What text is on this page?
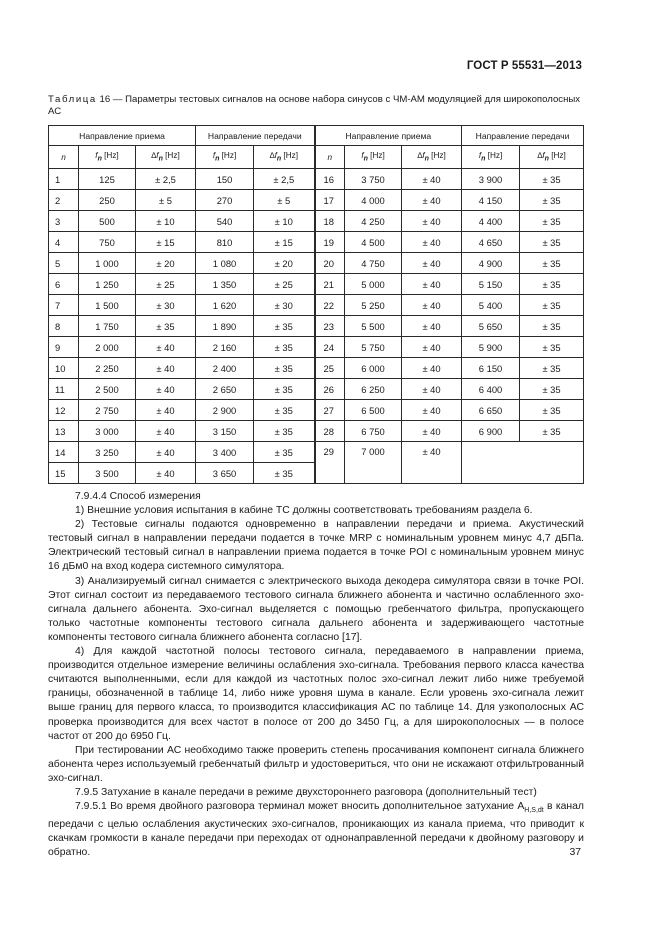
ГОСТ Р 55531—2013
Таблица 16 — Параметры тестовых сигналов на основе набора синусов с ЧМ-АМ модуляцией для широкополосных АС
Направление приема			Направление передачи		Направление приема			Направление передачи	
n	$f_n$ [Hz]	$\Delta f_n$ [Hz]	$f_n$ [Hz]	$\Delta f_n$ [Hz]	n	$f_n$ [Hz]	$\Delta f_n$ [Hz]	$f_n$ [Hz]	$\Delta f_n$ [Hz]
1	125	± 2,5	150	± 2,5	16	3 750	± 40	3 900	± 35
2	250	± 5	270	± 5	17	4 000	± 40	4 150	± 35
3	500	± 10	540	± 10	18	4 250	± 40	4 400	± 35
4	750	± 15	810	± 15	19	4 500	± 40	4 650	± 35
5	1 000	± 20	1 080	± 20	20	4 750	± 40	4 900	± 35
6	1 250	± 25	1 350	± 25	21	5 000	± 40	5 150	± 35
7	1 500	± 30	1 620	± 30	22	5 250	± 40	5 400	± 35
8	1 750	± 35	1 890	± 35	23	5 500	± 40	5 650	± 35
9	2 000	± 40	2 160	± 35	24	5 750	± 40	5 900	± 35
10	2 250	± 40	2 400	± 35	25	6 000	± 40	6 150	± 35
11	2 500	± 40	2 650	± 35	26	6 250	± 40	6 400	± 35
12	2 750	± 40	2 900	± 35	27	6 500	± 40	6 650	± 35
13	3 000	± 40	3 150	± 35	28	6 750	± 40	6 900	± 35
14	3 250	± 40	3 400	± 35	29	7 000	± 40		
15	3 500	± 40	3 650	± 35					

7.9.4.4 Способ измерения

1) Внешние условия испытания в кабине ТС должны соответствовать требованиям раздела 6.

2) Тестовые сигналы подаются одновременно в направлении передачи и приема. Акустический тестовый сигнал в направлении передачи подается в точке MRP с номинальным уровнем минус 4,7 дБПа. Электрический тестовый сигнал в направлении приема подается в точке POI с номинальным уровнем минус 16 дБм0 на вход кодера системного симулятора.

3) Анализируемый сигнал снимается с электрического выхода декодера симулятора связи в точке POI. Этот сигнал состоит из передаваемого тестового сигнала ближнего абонента и частично ослабленного эхо-сигнала дальнего абонента. Эхо-сигнал выделяется с помощью гребенчатого фильтра, пропускающего только частотные компоненты тестового сигнала дальнего абонента и задерживающего частотные компоненты тестового сигнала ближнего абонента согласно [17].

4) Для каждой частотной полосы тестового сигнала, передаваемого в направлении приема, производится отдельное измерение величины ослабления эхо-сигнала. Требования первого класса качества считаются выполненными, если для каждой из частотных полос эхо-сигнал лежит либо ниже требуемой границы, обозначенной в таблице 14, либо ниже уровня шума в канале. Если уровень эхо-сигнала лежит выше границ для первого класса, то производится классификация АС по таблице 14. Для узкополосных АС проверка производится для всех частот в полосе от 200 до 3450 Гц, а для широкополосных — в полосе частот от 200 до 6950 Гц.

При тестировании АС необходимо также проверить степень просачивания компонент сигнала ближнего абонента через используемый гребенчатый фильтр и удостовериться, что они не искажают отфильтрованный эхо-сигнал.

7.9.5 Затухание в канале передачи в режиме двухстороннего разговора (дополнительный тест)

7.9.5.1 Во время двойного разговора терминал может вносить дополнительное затухание $A_{H,S,dt}$ в канал передачи с целью ослабления акустических эхо-сигналов, проникающих из канала приема, что приводит к скачкам громкости в канале передачи при переходах от однонаправленной передачи к двойному разговору и обратно.	37
